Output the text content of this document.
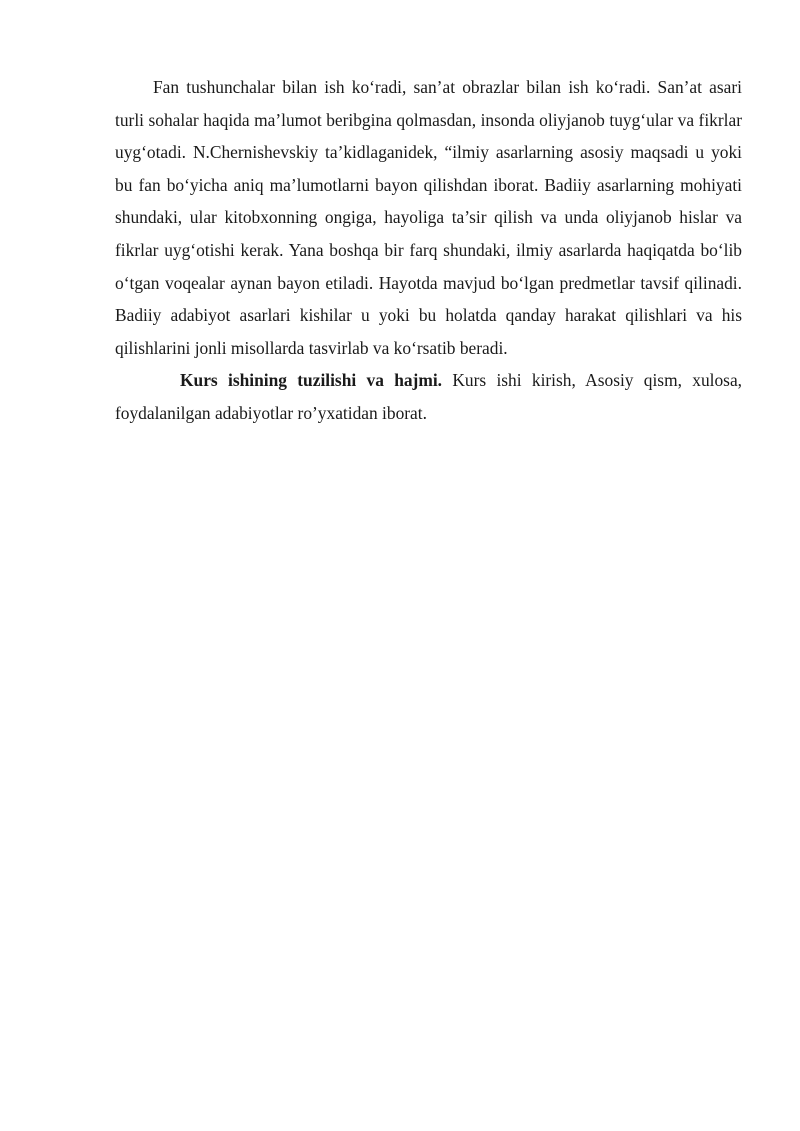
Fan tushunchalar bilan ish ko‘radi, san’at obrazlar bilan ish ko‘radi. San’at asari turli sohalar haqida ma’lumot beribgina qolmasdan, insonda oliyjanob tuyg‘ular va fikrlar uyg‘otadi. N.Chernishevskiy ta’kidlaganidek, “ilmiy asarlarning asosiy maqsadi u yoki bu fan bo‘yicha aniq ma’lumotlarni bayon qilishdan iborat. Badiiy asarlarning mohiyati shundaki, ular kitobxonning ongiga, hayoliga ta’sir qilish va unda oliyjanob hislar va fikrlar uyg‘otishi kerak. Yana boshqa bir farq shundaki, ilmiy asarlarda haqiqatda bo‘lib o‘tgan voqealar aynan bayon etiladi. Hayotda mavjud bo‘lgan predmetlar tavsif qilinadi. Badiiy adabiyot asarlari kishilar u yoki bu holatda qanday harakat qilishlari va his qilishlarini jonli misollarda tasvirlab va ko‘rsatib beradi.

Kurs ishining tuzilishi va hajmi. Kurs ishi kirish, Asosiy qism, xulosa, foydalanilgan adabiyotlar ro’yxatidan iborat.
